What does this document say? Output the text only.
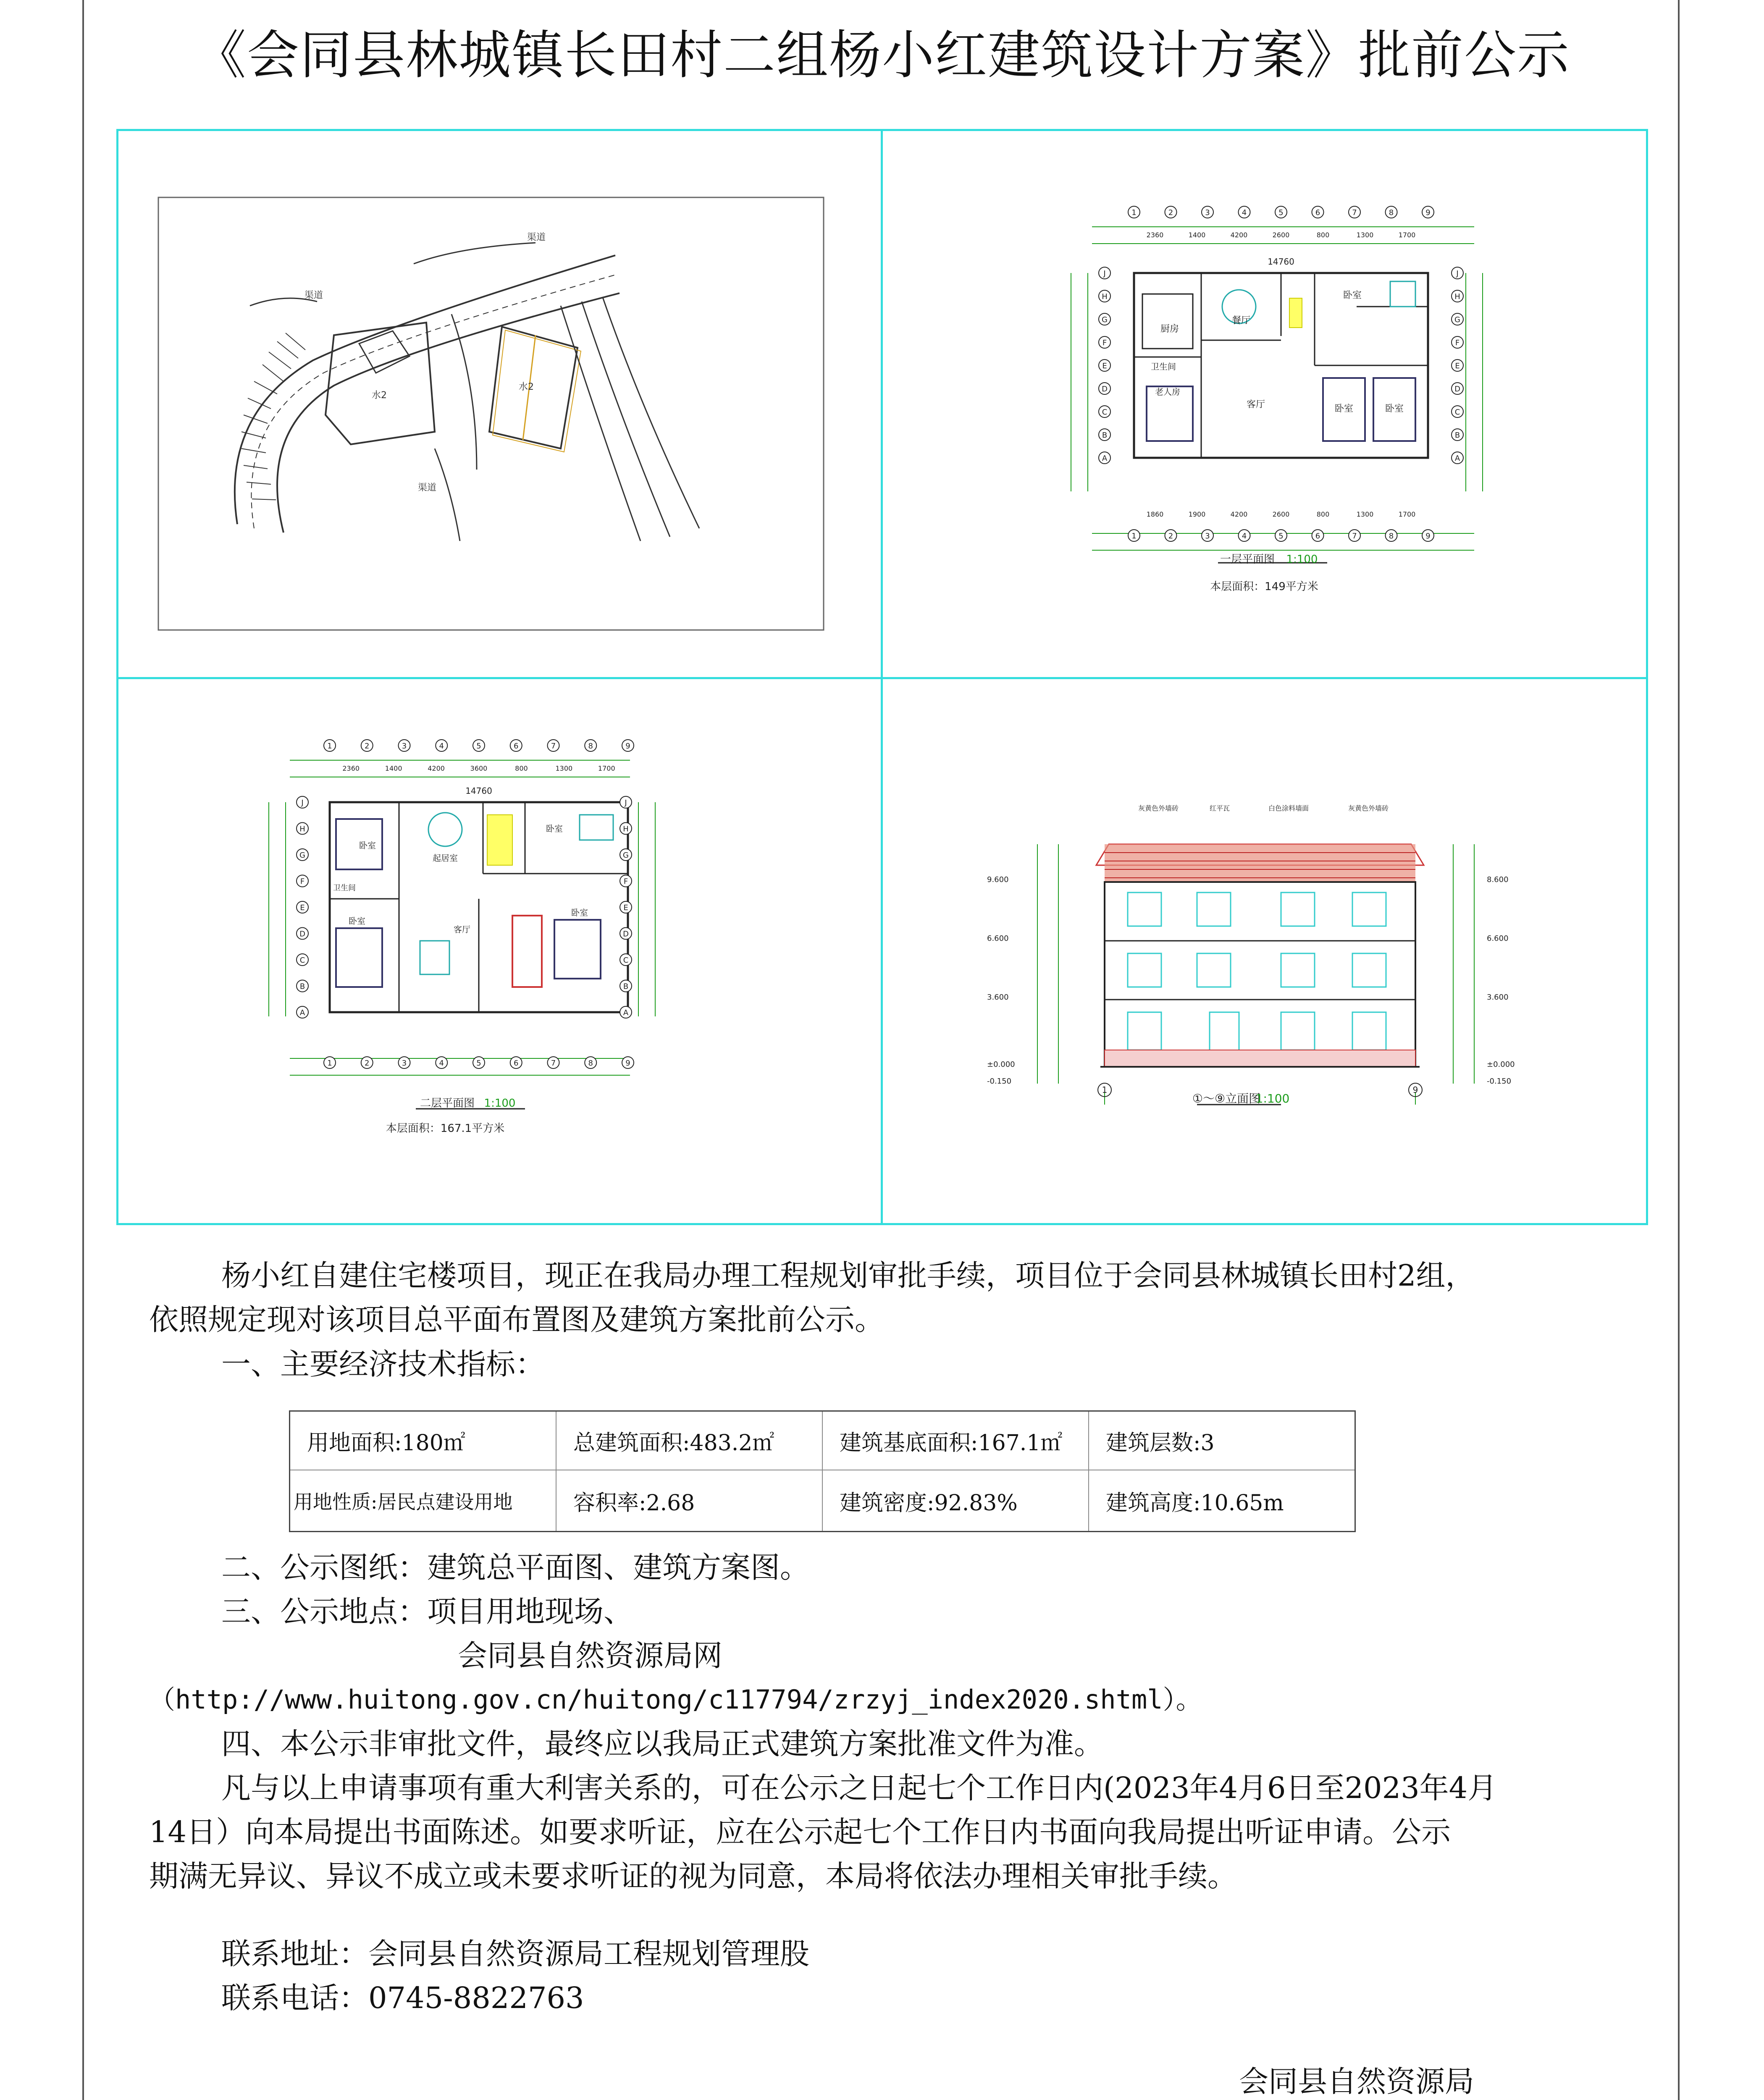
《会同县林城镇长田村二组杨小红建筑设计方案》批前公示
渠道
渠道
渠道
水2
水2
14760
厨房
餐厅
卧室
卫生间
老人房
客厅	卧室	卧室
一层平面图 1:100
本层面积：149平方米
1
1
2
2
3
3
4
4
5
5
6
6
7
7
8
8
9
9
J	J
H	H
G	G
F	F
E	E
D	D
C	C
B	B
A	A
2360	1400	4200	2600	800	1300	1700
1860	1900	4200	2600	800	1300	1700
14760
卧室
起居室
卧室
卫生间
卧室
客厅
卧室
二层平面图 1:100
本层面积：167.1平方米
1
1
2
2
3
3
4
4
5
5
6
6
7
7
8
8
9
9
J	J
H	H
G	G
F	F
E	E
D	D
C	C
B	B
A	A
2360	1400	4200	3600	800	1300	1700
9.600
6.600
3.600
±0.000
-0.150
8.600
6.600
3.600
±0.000
-0.150
灰黄色外墙砖	红平瓦	白色涂料墙面	灰黄色外墙砖
1	9
①～⑨立面图
1:100
杨小红自建住宅楼项目，现正在我局办理工程规划审批手续，项目位于会同县林城镇长田村2组，
依照规定现对该项目总平面布置图及建筑方案批前公示。
一、主要经济技术指标：
用地面积:180㎡	总建筑面积:483.2㎡	建筑基底面积:167.1㎡	建筑层数:3
用地性质:居民点建设用地	容积率:2.68	建筑密度:92.83%	建筑高度:10.65m
二、公示图纸：建筑总平面图、建筑方案图。
三、公示地点：项目用地现场、
会同县自然资源局网
（http://www.huitong.gov.cn/huitong/c117794/zrzyj_index2020.shtml）。
四、本公示非审批文件，最终应以我局正式建筑方案批准文件为准。
凡与以上申请事项有重大利害关系的，可在公示之日起七个工作日内(2023年4月6日至2023年4月
14日）向本局提出书面陈述。如要求听证，应在公示起七个工作日内书面向我局提出听证申请。公示
期满无异议、异议不成立或未要求听证的视为同意，本局将依法办理相关审批手续。
联系地址：会同县自然资源局工程规划管理股
联系电话：0745-8822763
会同县自然资源局
